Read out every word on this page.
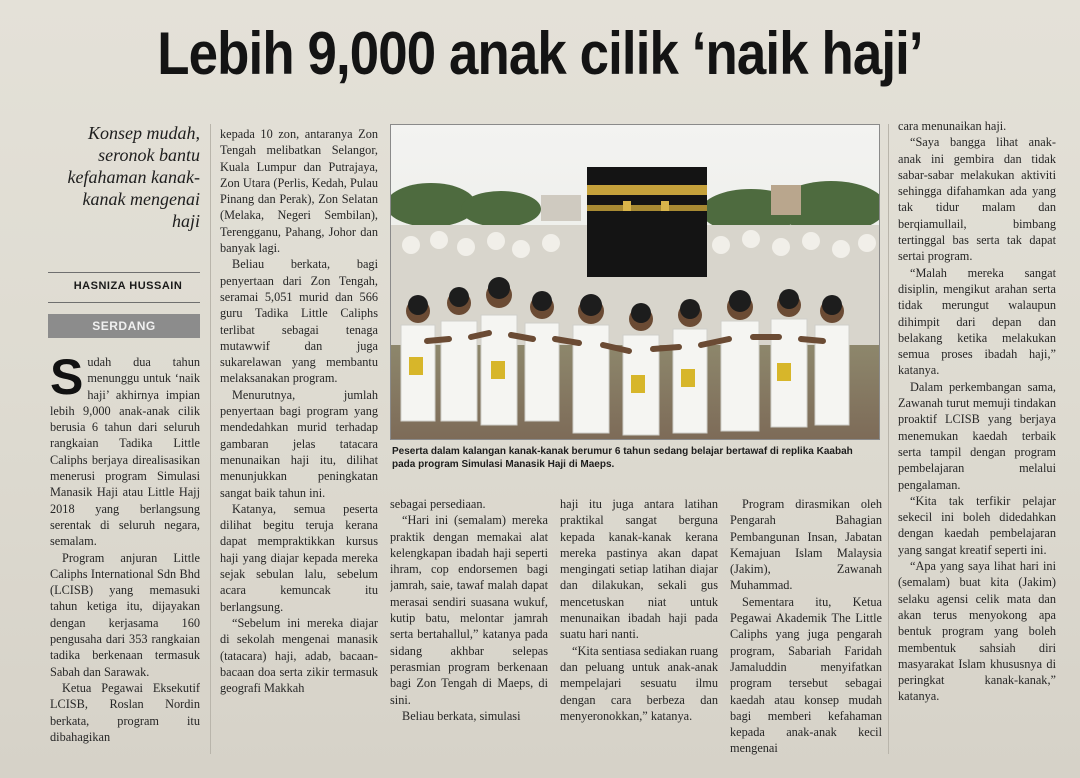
Lebih 9,000 anak cilik ‘naik haji’
Konsep mudah, seronok bantu kefahaman kanak-kanak mengenai haji
HASNIZA HUSSAIN
SERDANG

Sudah dua tahun menunggu untuk ‘naik haji’ akhirnya impian lebih 9,000 anak-anak cilik berusia 6 tahun dari seluruh rangkaian Tadika Little Caliphs berjaya direalisasikan menerusi program Simulasi Manasik Haji atau Little Hajj 2018 yang berlangsung serentak di seluruh negara, semalam.

Program anjuran Little Caliphs International Sdn Bhd (LCISB) yang memasuki tahun ketiga itu, dijayakan dengan kerjasama 160 pengusaha dari 353 rangkaian tadika berkenaan termasuk Sabah dan Sarawak.

Ketua Pegawai Eksekutif LCISB, Roslan Nordin berkata, program itu dibahagikan

kepada 10 zon, antaranya Zon Tengah melibatkan Selangor, Kuala Lumpur dan Putrajaya, Zon Utara (Perlis, Kedah, Pulau Pinang dan Perak), Zon Selatan (Melaka, Negeri Sembilan), Terengganu, Pahang, Johor dan banyak lagi.

Beliau berkata, bagi penyertaan dari Zon Tengah, seramai 5,051 murid dan 566 guru Tadika Little Caliphs terlibat sebagai tenaga mutawwif dan juga sukarelawan yang membantu melaksanakan program.

Menurutnya, jumlah penyertaan bagi program yang mendedahkan murid terhadap gambaran jelas tatacara menunaikan haji itu, dilihat menunjukkan peningkatan sangat baik tahun ini.

Katanya, semua peserta dilihat begitu teruja kerana dapat mempraktikkan kursus haji yang diajar kepada mereka sejak sebulan lalu, sebelum acara kemuncak itu berlangsung.

“Sebelum ini mereka diajar di sekolah mengenai manasik (tatacara) haji, adab, bacaan-bacaan doa serta zikir termasuk geografi Makkah

Peserta dalam kalangan kanak-kanak berumur 6 tahun sedang belajar bertawaf di replika Kaabah pada program Simulasi Manasik Haji di Maeps.

sebagai persediaan.

“Hari ini (semalam) mereka praktik dengan memakai alat kelengkapan ibadah haji seperti ihram, cop endorsemen bagi jamrah, saie, tawaf malah dapat merasai sendiri suasana wukuf, kutip batu, melontar jamrah serta bertahallul,” katanya pada sidang akhbar selepas perasmian program berkenaan bagi Zon Tengah di Maeps, di sini.

Beliau berkata, simulasi

haji itu juga antara latihan praktikal sangat berguna kepada kanak-kanak kerana mereka pastinya akan dapat mengingati setiap latihan diajar dan dilakukan, sekali gus mencetuskan niat untuk menunaikan ibadah haji pada suatu hari nanti.

“Kita sentiasa sediakan ruang dan peluang untuk anak-anak mempelajari sesuatu ilmu dengan cara berbeza dan menyeronokkan,” katanya.

Program dirasmikan oleh Pengarah Bahagian Pembangunan Insan, Jabatan Kemajuan Islam Malaysia (Jakim), Zawanah Muhammad.

Sementara itu, Ketua Pegawai Akademik The Little Caliphs yang juga pengarah program, Sabariah Faridah Jamaluddin menyifatkan program tersebut sebagai kaedah atau konsep mudah bagi memberi kefahaman kepada anak-anak kecil mengenai

cara menunaikan haji.

“Saya bangga lihat anak-anak ini gembira dan tidak sabar-sabar melakukan aktiviti sehingga difahamkan ada yang tak tidur malam dan berqiamullail, bimbang tertinggal bas serta tak dapat sertai program.

“Malah mereka sangat disiplin, mengikut arahan serta tidak merungut walaupun dihimpit dari depan dan belakang ketika melakukan semua proses ibadah haji,” katanya.

Dalam perkembangan sama, Zawanah turut memuji tindakan proaktif LCISB yang berjaya menemukan kaedah terbaik serta tampil dengan program pembelajaran melalui pengalaman.

“Kita tak terfikir pelajar sekecil ini boleh didedahkan dengan kaedah pembelajaran yang sangat kreatif seperti ini.

“Apa yang saya lihat hari ini (semalam) buat kita (Jakim) selaku agensi celik mata dan akan terus menyokong apa bentuk program yang boleh membentuk sahsiah diri masyarakat Islam khususnya di peringkat kanak-kanak,” katanya.
